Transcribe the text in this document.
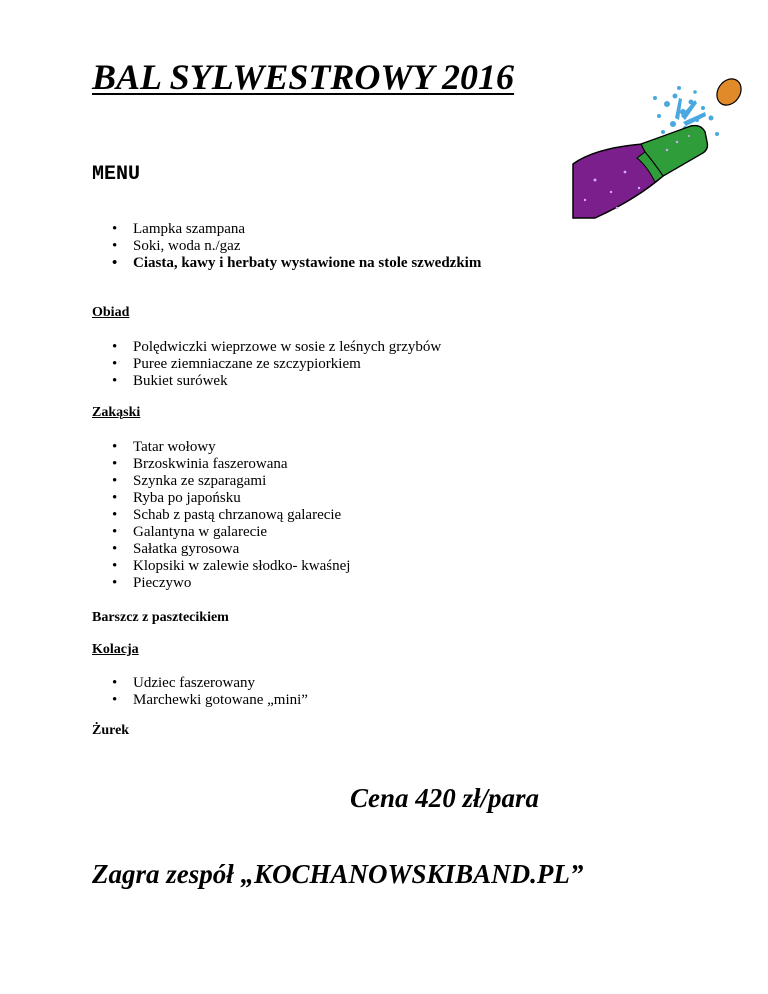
BAL SYLWESTROWY 2016
MENU
• Lampka szampana
• Soki, woda n./gaz
• Ciasta, kawy i herbaty wystawione na stole szwedzkim

Obiad

• Polędwiczki wieprzowe w sosie z leśnych grzybów
• Puree ziemniaczane ze szczypiorkiem
• Bukiet surówek

Zakąski

• Tatar wołowy
• Brzoskwinia faszerowana
• Szynka ze szparagami
• Ryba po japońsku
• Schab z pastą chrzanową galarecie
• Galantyna w galarecie
• Sałatka gyrosowa
• Klopsiki w zalewie słodko- kwaśnej
• Pieczywo

Barszcz z pasztecikiem

Kolacja

• Udziec faszerowany
• Marchewki gotowane „mini”

Żurek

Cena 420 zł/para
Zagra zespół „KOCHANOWSKIBAND.PL”
